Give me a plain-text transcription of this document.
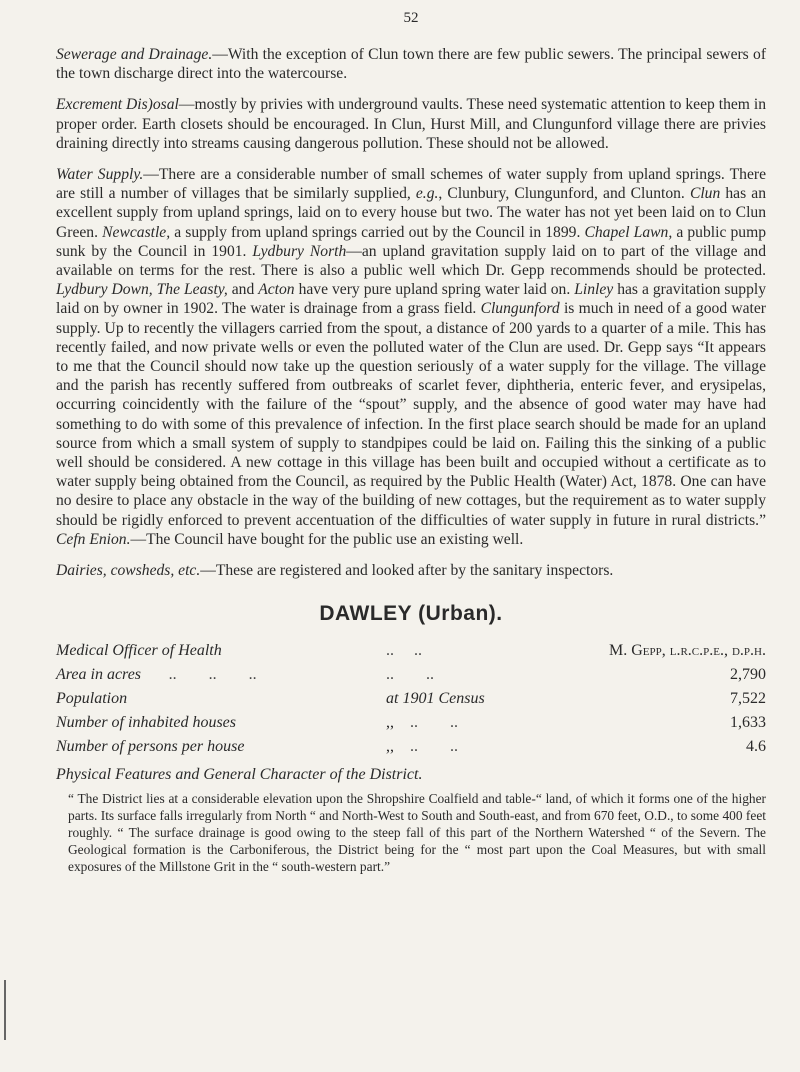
52

Sewerage and Drainage.—With the exception of Clun town there are few public sewers. The principal sewers of the town discharge direct into the watercourse.

Excrement Dis)osal—mostly by privies with underground vaults. These need systematic attention to keep them in proper order. Earth closets should be encouraged. In Clun, Hurst Mill, and Clungunford village there are privies draining directly into streams causing dangerous pollution. These should not be allowed.

Water Supply.—There are a considerable number of small schemes of water supply from upland springs. There are still a number of villages that be similarly supplied, e.g., Clunbury, Clungunford, and Clunton. Clun has an excellent supply from upland springs, laid on to every house but two. The water has not yet been laid on to Clun Green. Newcastle, a supply from upland springs carried out by the Council in 1899. Chapel Lawn, a public pump sunk by the Council in 1901. Lydbury North—an upland gravitation supply laid on to part of the village and available on terms for the rest. There is also a public well which Dr. Gepp recommends should be protected. Lydbury Down, The Leasty, and Acton have very pure upland spring water laid on. Linley has a gravitation supply laid on by owner in 1902. The water is drainage from a grass field. Clungunford is much in need of a good water supply. Up to recently the villagers carried from the spout, a distance of 200 yards to a quarter of a mile. This has recently failed, and now private wells or even the polluted water of the Clun are used. Dr. Gepp says “It appears to me that the Council should now take up the question seriously of a water supply for the village. The village and the parish has recently suffered from outbreaks of scarlet fever, diphtheria, enteric fever, and erysipelas, occurring coincidently with the failure of the “spout” supply, and the absence of good water may have had something to do with some of this prevalence of infection. In the first place search should be made for an upland source from which a small system of supply to standpipes could be laid on. Failing this the sinking of a public well should be considered. A new cottage in this village has been built and occupied without a certificate as to water supply being obtained from the Council, as required by the Public Health (Water) Act, 1878. One can have no desire to place any obstacle in the way of the building of new cottages, but the requirement as to water supply should be rigidly enforced to prevent accentuation of the difficulties of water supply in future in rural districts.” Cefn Enion.—The Council have bought for the public use an existing well.

Dairies, cowsheds, etc.—These are registered and looked after by the sanitary inspectors.

DAWLEY (Urban).
Medical Officer of Health	..     ..	M. Gepp, l.r.c.p.e., d.p.h.
Area in acres       ..        ..        ..	..        ..	2,790
Population	at 1901 Census	7,522
Number of inhabited houses	,,    ..        ..	1,633
Number of persons per house	,,    ..        ..	4.6
Physical Features and General Character of the District.
“ The District lies at a considerable elevation upon the Shropshire Coalfield and table-“ land, of which it forms one of the higher parts. Its surface falls irregularly from North “ and North-West to South and South-east, and from 670 feet, O.D., to some 400 feet roughly. “ The surface drainage is good owing to the steep fall of this part of the Northern Watershed “ of the Severn. The Geological formation is the Carboniferous, the District being for the “ most part upon the Coal Measures, but with small exposures of the Millstone Grit in the “ south-western part.”
